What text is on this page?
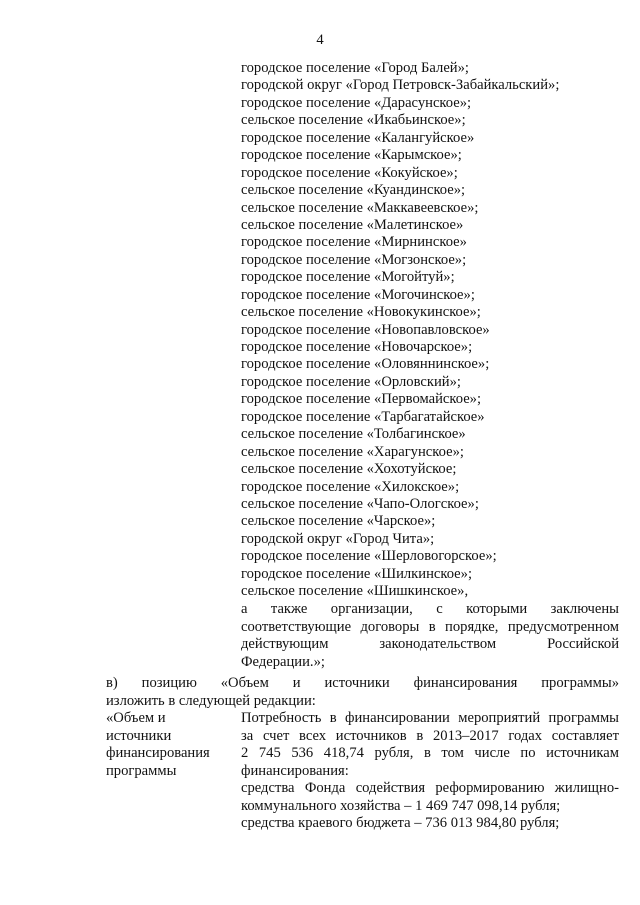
4
городское поселение «Город Балей»;
городской округ «Город Петровск-Забайкальский»;
городское поселение «Дарасунское»;
сельское поселение «Икабьинское»;
городское поселение «Калангуйское»
городское поселение «Карымское»;
городское поселение «Кокуйское»;
сельское поселение «Куандинское»;
сельское поселение «Маккавеевское»;
сельское поселение «Малетинское»
городское поселение «Мирнинское»
городское поселение «Могзонское»;
городское поселение «Могойтуй»;
городское поселение «Могочинское»;
сельское поселение «Новокукинское»;
городское поселение «Новопавловское»
городское поселение «Новочарское»;
городское поселение «Оловяннинское»;
городское поселение «Орловский»;
городское поселение «Первомайское»;
городское поселение «Тарбагатайское»
сельское поселение «Толбагинское»
сельское поселение «Харагунское»;
сельское поселение «Хохотуйское;
городское поселение «Хилокское»;
сельское поселение «Чапо-Ологское»;
сельское поселение «Чарское»;
городской округ «Город Чита»;
городское поселение «Шерловогорское»;
городское поселение «Шилкинское»;
сельское поселение «Шишкинское»,
а также организации, с которыми заключены
соответствующие договоры в порядке, предусмотренном
действующим законодательством Российской
Федерации.»;
в) позицию «Объем и источники финансирования программы»
изложить в следующей редакции:
«Объем и
источники
финансирования
программы
Потребность в финансировании мероприятий программы
за счет всех источников в 2013–2017 годах составляет
2 745 536 418,74 рубля, в том числе по источникам
финансирования:
средства Фонда содействия реформированию жилищно-
коммунального хозяйства – 1 469 747 098,14 рубля;
средства краевого бюджета – 736 013 984,80 рубля;
